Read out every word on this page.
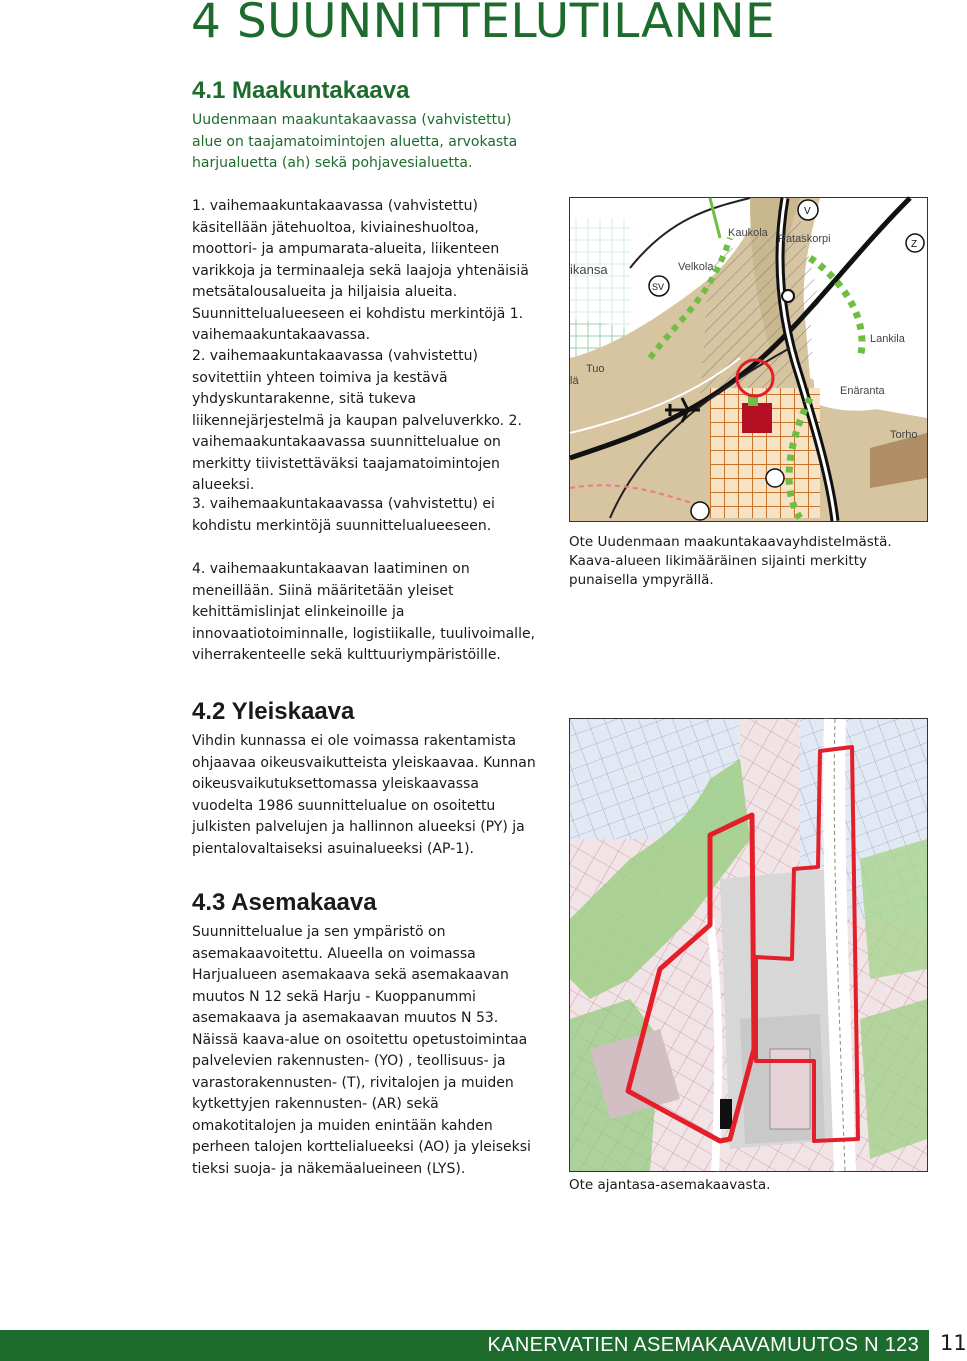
4 SUUNNITTELUTILANNE
4.1 Maakuntakaava

Uudenmaan maakuntakaavassa (vahvistettu) alue on taajamatoimintojen aluetta, arvokasta harjualuetta (ah) sekä pohjavesialuetta.

1. vaihemaakuntakaavassa (vahvistettu) käsitellään jätehuoltoa, kiviaineshuoltoa, moottori- ja ampumarata-alueita, liikenteen varikkoja ja terminaaleja sekä laajoja yhtenäisiä metsätalousalueita ja hiljaisia alueita. Suunnittelualueeseen ei kohdistu merkintöjä 1. vaihemaakuntakaavassa.

2. vaihemaakuntakaavassa (vahvistettu) sovitettiin yhteen toimiva ja kestävä yhdyskuntarakenne, sitä tukeva liikennejärjestelmä ja kaupan palveluverkko. 2. vaihemaakuntakaavassa suunnittelualue on merkitty tiivistettäväksi taajamatoimintojen alueeksi.

3. vaihemaakuntakaavassa (vahvistettu) ei kohdistu merkintöjä suunnittelualueeseen.

4. vaihemaakuntakaavan laatiminen on meneillään. Siinä määritetään yleiset kehittämislinjat elinkeinoille ja innovaatiotoiminnalle, logistiikalle, tuulivoimalle, viherrakenteelle sekä kulttuuriympäristöille.

4.2 Yleiskaava

Vihdin kunnassa ei ole voimassa rakentamista ohjaavaa oikeusvaikutteista yleiskaavaa. Kunnan oikeusvaikutuksettomassa yleiskaavassa vuodelta 1986 suunnittelualue on osoitettu julkisten palvelujen ja hallinnon alueeksi (PY) ja pientalovaltaiseksi asuinalueeksi (AP-1).

4.3 Asemakaava

Suunnittelualue ja sen ympäristö on asemakaavoitettu. Alueella on voimassa Harjualueen asemakaava sekä asemakaavan muutos N 12 sekä Harju - Kuoppanummi asemakaava ja asemakaavan muutos N 53. Näissä kaava-alue on osoitettu opetustoimintaa palvelevien rakennusten- (YO) , teollisuus- ja varastorakennusten- (T), rivitalojen ja muiden kytkettyjen rakennusten- (AR) sekä omakotitalojen ja muiden enintään kahden perheen talojen korttelialueeksi (AO) ja yleiseksi tieksi suoja- ja näkemäalueineen (LYS).

SV
V
Z
Rataskorpi
Kaukola
Velkola
ikansa
Lankila
Enäranta
Torho
Tuo
lä
Ote Uudenmaan maakuntakaavayhdistelmästä.
Kaava-alueen likimääräinen sijainti merkitty punaisella ympyrällä.
Ote ajantasa-asemakaavasta.
KANERVATIEN ASEMAKAAVAMUUTOS N 123 11
